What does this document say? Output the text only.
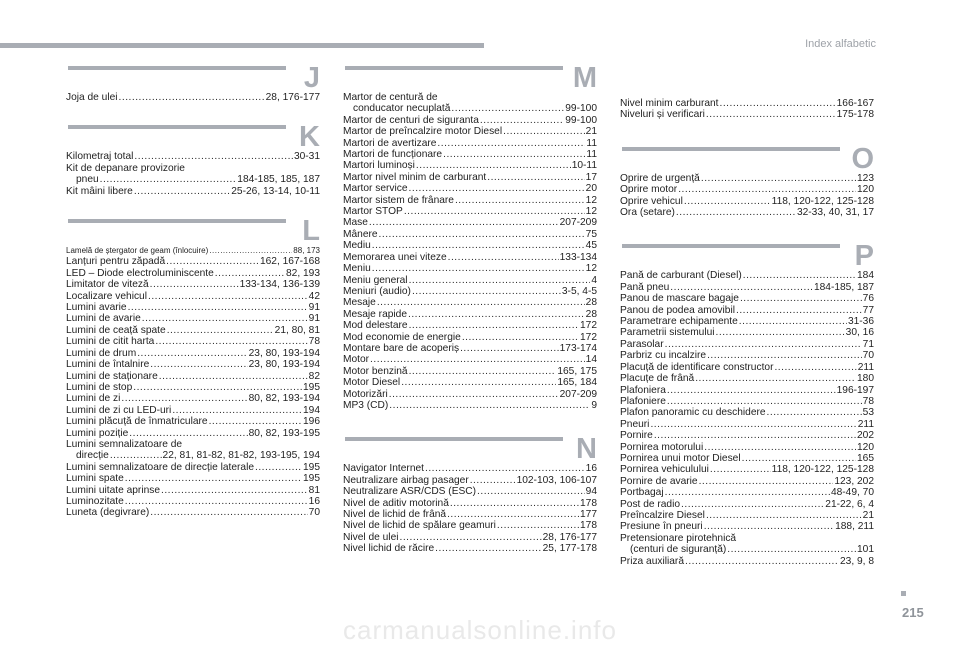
Index alfabetic
J
Joja de ulei .....	28, 176-177
K
Kilometraj total .....	30-31
Kit de depanare provizorie
pneu .....	184-185, 185, 187
Kit mâini libere .....	25-26, 13-14, 10-11
L
Lamelă de ștergator de geam (înlocuire) .....	88, 173
Lanțuri pentru zăpadă .....	162, 167-168
LED – Diode electroluminiscente .....	82, 193
Limitator de viteză .....	133-134, 136-139
Localizare vehicul .....	42
Lumini avarie .....	91
Lumini de avarie .....	91
Lumini de ceață spate .....	21, 80, 81
Lumini de citit harta .....	78
Lumini de drum .....	23, 80, 193-194
Lumini de întalnire .....	23, 80, 193-194
Lumini de staționare .....	82
Lumini de stop .....	195
Lumini de zi .....	80, 82, 193-194
Lumini de zi cu LED-uri .....	194
Lumini plăcuță de înmatriculare .....	196
Lumini poziție .....	80, 82, 193-195
Lumini semnalizatoare de
direcție .....	22, 81, 81-82, 81-82, 193-195, 194
Lumini semnalizatoare de direcție laterale .....	195
Lumini spate .....	195
Lumini uitate aprinse .....	81
Luminozitate .....	16
Luneta (degivrare) .....	70
M
Martor de centură de
conducator necuplată .....	99-100
Martor de centuri de siguranta .....	99-100
Martor de preîncalzire motor Diesel .....	21
Martori de avertizare .....	11
Martori de funcționare .....	11
Martori luminoși .....	10-11
Martor nivel minim de carburant .....	17
Martor service .....	20
Martor sistem de frânare .....	12
Martor STOP .....	12
Mase .....	207-209
Mânere .....	75
Mediu .....	45
Memorarea unei viteze .....	133-134
Meniu .....	12
Meniu general .....	4
Meniuri (audio) .....	3-5, 4-5
Mesaje .....	28
Mesaje rapide .....	28
Mod delestare .....	172
Mod economie de energie .....	172
Montare bare de acoperiș .....	173-174
Motor .....	14
Motor benzină .....	165, 175
Motor Diesel .....	165, 184
Motorizări .....	207-209
MP3 (CD) .....	9
N
Navigator Internet .....	16
Neutralizare airbag pasager .....	102-103, 106-107
Neutralizare ASR/CDS (ESC) .....	94
Nivel de aditiv motorină .....	178
Nivel de lichid de frână .....	177
Nivel de lichid de spălare geamuri .....	178
Nivel de ulei .....	28, 176-177
Nivel lichid de răcire .....	25, 177-178
Nivel minim carburant .....	166-167
Niveluri și verificari .....	175-178
O
Oprire de urgență .....	123
Oprire motor .....	120
Oprire vehicul .....	118, 120-122, 125-128
Ora (setare) .....	32-33, 40, 31, 17
P
Pană de carburant (Diesel) .....	184
Pană pneu .....	184-185, 187
Panou de mascare bagaje .....	76
Panou de podea amovibil .....	77
Parametrare echipamente .....	31-36
Parametrii sistemului .....	30, 16
Parasolar .....	71
Parbriz cu incalzire .....	70
Placuță de identificare constructor .....	211
Placuțe de frână .....	180
Plafoniera .....	196-197
Plafoniere .....	78
Plafon panoramic cu deschidere .....	53
Pneuri .....	211
Pornire .....	202
Pornirea motorului .....	120
Pornirea unui motor Diesel .....	165
Pornirea vehiculului .....	118, 120-122, 125-128
Pornire de avarie .....	123, 202
Portbagaj .....	48-49, 70
Post de radio .....	21-22, 6, 4
Preîncalzire Diesel .....	21
Presiune în pneuri .....	188, 211
Pretensionare pirotehnică
(centuri de siguranță) .....	101
Priza auxiliară .....	23, 9, 8
215
carmanualsonline.info
